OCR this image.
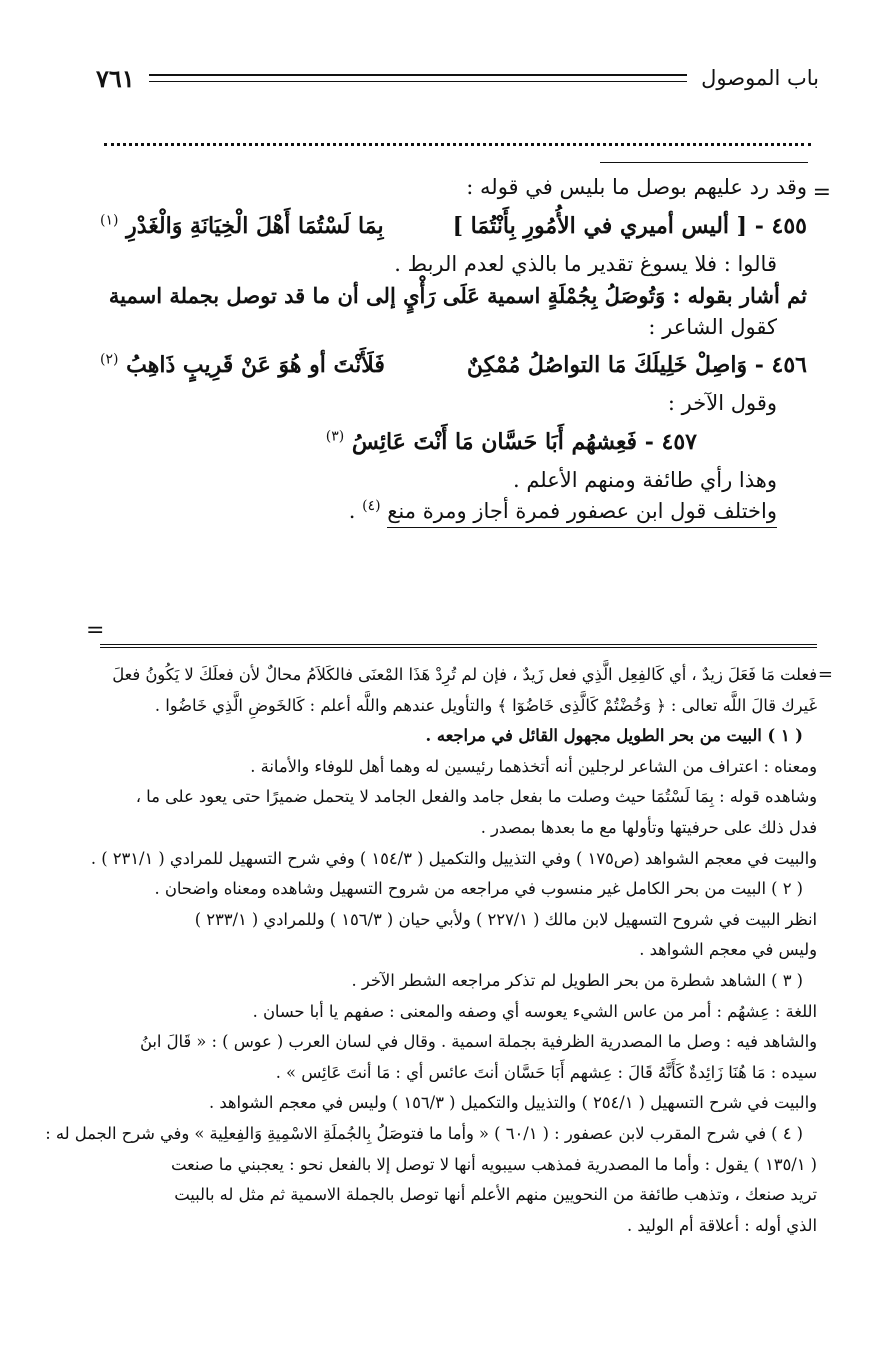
باب الموصول
٧٦١
=
=

وقد رد عليهم بوصل ما بليس في قوله :

٤٥٥ - [ أليس أميري في الأُمُورِ بِأَنْتُمَا ]
بِمَا لَسْتُمَا أَهْلَ الْخِيَانَةِ وَالْغَدْرِ $^{(١)}$

قالوا : فلا يسوغ تقدير ما بالذي لعدم الربط .

ثم أشار بقوله : وَتُوصَلُ بِجُمْلَةٍ اسمية عَلَى رَأْيٍ إلى أن ما قد توصل بجملة اسمية

كقول الشاعر :

٤٥٦ - وَاصِلْ خَلِيلَكَ مَا التواصُلُ مُمْكِنٌ
فَلَأَنْتَ أو هُوَ عَنْ قَرِيبٍ ذَاهِبُ $^{(٢)}$

وقول الآخر :

٤٥٧ - فَعِشهُم أَبَا حَسَّان مَا أَنْتَ عَائِسُ $^{(٣)}$

وهذا رأي طائفة ومنهم الأعلم .

واختلف قول ابن عصفور فمرة أجاز ومرة منع $^{(٤)}$ .

=

فعلت مَا فَعَلَ زيدٌ ، أي كَالفِعِل الَّذِي فعل زَيدٌ ، فإن لم تُرِدْ هَذَا المْعنَى فالكَلاَمُ محالٌ لأن فعلَكَ لا يَكُونُ فعلَ

غَيرك قالَ اللَّه تعالى : ﴿ وَخُضْتُمْ كَالَّذِى خَاضُوٓا ﴾ والتأويل عندهم واللَّه أعلم : كَالخَوضِ الَّذِي خَاضُوا .

( ١ ) البيت من بحر الطويل مجهول القائل في مراجعه .

ومعناه : اعتراف من الشاعر لرجلين أنه أتخذهما رئيسين له وهما أهل للوفاء والأمانة .

وشاهده قوله : بِمَا لَسْتُمَا حيث وصلت ما بفعل جامد والفعل الجامد لا يتحمل ضميرًا حتى يعود على ما ،

فدل ذلك على حرفيتها وتأولها مع ما بعدها بمصدر .

والبيت في معجم الشواهد (ص١٧٥ ) وفي التذييل والتكميل ( ١٥٤/٣ ) وفي شرح التسهيل للمرادي ( ٢٣١/١ ) .

( ٢ ) البيت من بحر الكامل غير منسوب في مراجعه من شروح التسهيل وشاهده ومعناه واضحان .

انظر البيت في شروح التسهيل لابن مالك ( ٢٢٧/١ ) ولأبي حيان ( ١٥٦/٣ ) وللمرادي ( ٢٣٣/١ )

وليس في معجم الشواهد .

( ٣ ) الشاهد شطرة من بحر الطويل لم تذكر مراجعه الشطر الآخر .

اللغة : عِشهُم : أمر من عاس الشيء يعوسه أي وصفه والمعنى : صفهم يا أبا حسان .

والشاهد فيه : وصل ما المصدرية الظرفية بجملة اسمية . وقال في لسان العرب ( عوس ) : « قَالَ ابنُ

سيده : مَا هُنَا زَائِدةٌ كَأَنَّهُ قَالَ : عِشهم أَبَا حَسَّان أنتَ عائس أي : مَا أنتَ عَائِس » .

والبيت في شرح التسهيل ( ٢٥٤/١ ) والتذييل والتكميل ( ١٥٦/٣ ) وليس في معجم الشواهد .

( ٤ ) في شرح المقرب لابن عصفور : ( ٦٠/١ ) « وأما ما فتوصَلُ بِالجُملَةِ الاسْمِيةِ وَالفِعلِية » وفي شرح الجمل له :

( ١٣٥/١ ) يقول : وأما ما المصدرية فمذهب سيبويه أنها لا توصل إلا بالفعل نحو : يعجبني ما صنعت

تريد صنعك ، وتذهب طائفة من النحويين منهم الأعلم أنها توصل بالجملة الاسمية ثم مثل له بالبيت

الذي أوله : أعلاقة أم الوليد .
